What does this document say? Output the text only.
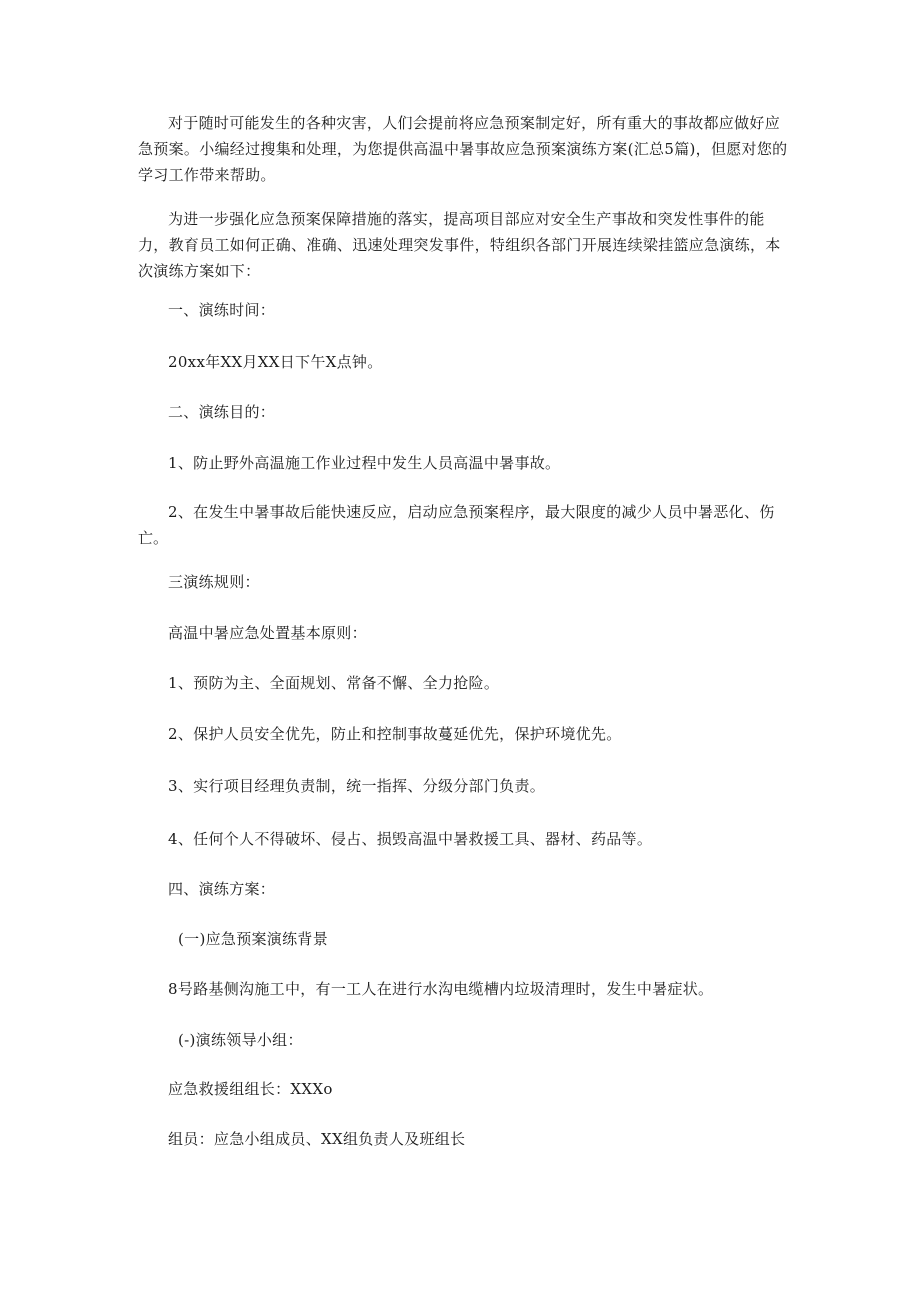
对于随时可能发生的各种灾害，人们会提前将应急预案制定好，所有重大的事故都应做好应急预案。小编经过搜集和处理，为您提供高温中暑事故应急预案演练方案(汇总5篇)，但愿对您的学习工作带来帮助。

为进一步强化应急预案保障措施的落实，提高项目部应对安全生产事故和突发性事件的能力，教育员工如何正确、准确、迅速处理突发事件，特组织各部门开展连续梁挂篮应急演练，本次演练方案如下：

一、演练时间：

20xx年XX月XX日下午X点钟。

二、演练目的：

1、防止野外高温施工作业过程中发生人员高温中暑事故。

2、在发生中暑事故后能快速反应，启动应急预案程序，最大限度的减少人员中暑恶化、伤

亡。

三演练规则：

高温中暑应急处置基本原则：

1、预防为主、全面规划、常备不懈、全力抢险。

2、保护人员安全优先，防止和控制事故蔓延优先，保护环境优先。

3、实行项目经理负责制，统一指挥、分级分部门负责。

4、任何个人不得破坏、侵占、损毁高温中暑救援工具、器材、药品等。

四、演练方案：

(一)应急预案演练背景

8号路基侧沟施工中，有一工人在进行水沟电缆槽内垃圾清理时，发生中暑症状。

(-)演练领导小组：

应急救援组组长：XXXo

组员：应急小组成员、XX组负责人及班组长
